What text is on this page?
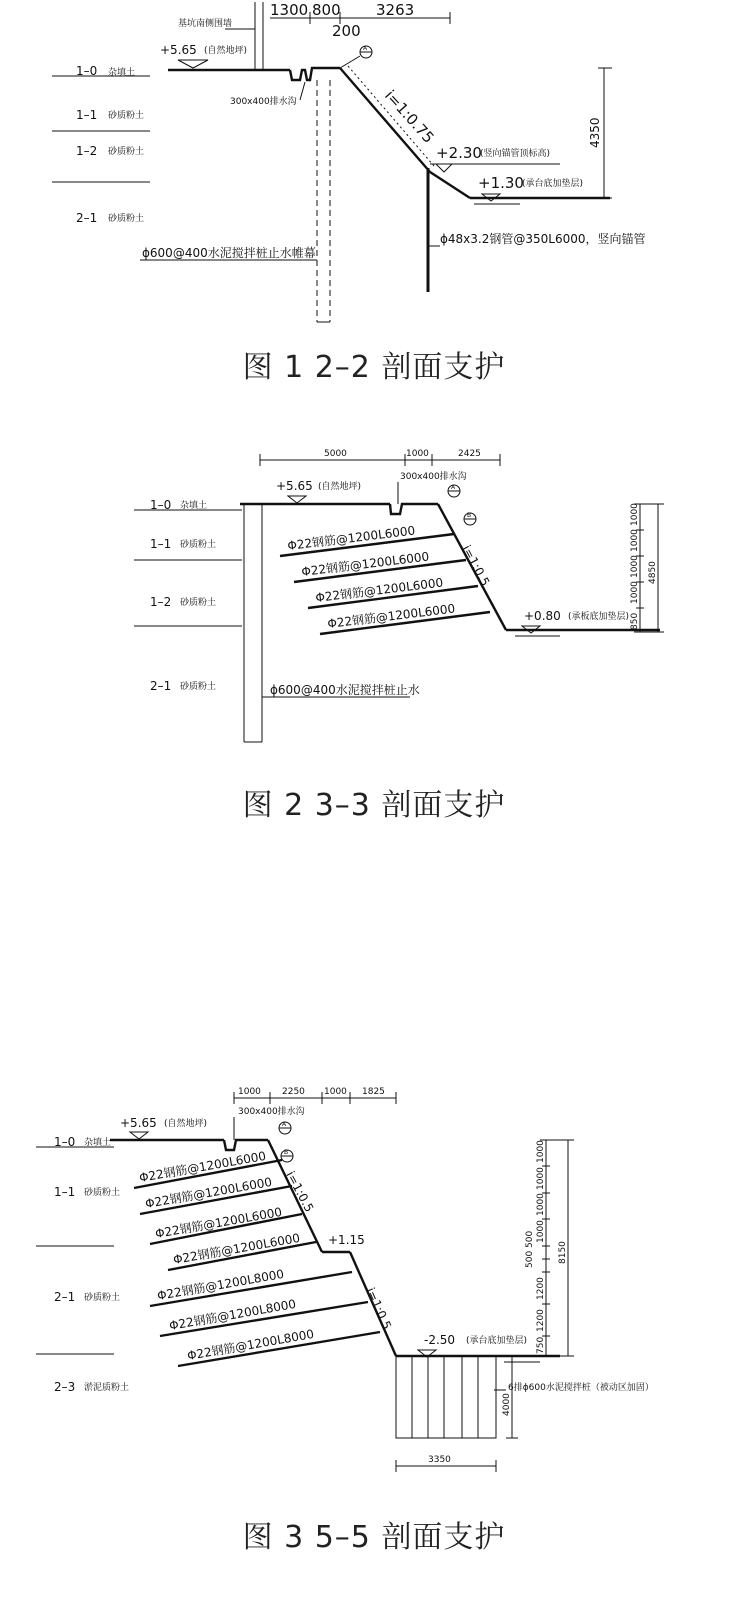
1300 800 3263
200
基坑南侧围墙
+5.65 (自然地坪)
1–0 杂填土
1–1 砂质粉土
1–2 砂质粉土
2–1 砂质粉土
300x400排水沟
ϕ600@400水泥搅拌桩止水帷幕
A
i=1:0.75
+2.30
(竖向锚管顶标高)
+1.30
(承台底加垫层)
ϕ48x3.2钢管@350L6000，竖向锚管
4350
5000	1000	2425
+5.65 (自然地坪)
300x400排水沟
A
B
1–0 杂填土
1–1 砂质粉土
1–2 砂质粉土
2–1 砂质粉土	ϕ600@400水泥搅拌桩止水
i=1:0.5
Φ22钢筋@1200L6000
Φ22钢筋@1200L6000
Φ22钢筋@1200L6000
Φ22钢筋@1200L6000	+0.80 (承板底加垫层) 850
1000
1000
1000
1000
4850
1000 2250 1000 1825
+5.65 (自然地坪)
300x400排水沟
A
B
1–0 杂填土
1–1 砂质粉土
2–1 砂质粉土
2–3 淤泥质粉土
i=1:0.5
+1.15
i=1:0.5
Φ22钢筋@1200L6000
Φ22钢筋@1200L6000
Φ22钢筋@1200L6000
Φ22钢筋@1200L6000
Φ22钢筋@1200L8000
Φ22钢筋@1200L8000
Φ22钢筋@1200L8000	-2.50 (承台底加垫层)
6排ϕ600水泥搅拌桩（被动区加固）
4000
3350
750
1200
1200
500
500 1000
1000
1000
1000
8150
图 1 2–2 剖面支护
图 2 3–3 剖面支护
图 3 5–5 剖面支护
